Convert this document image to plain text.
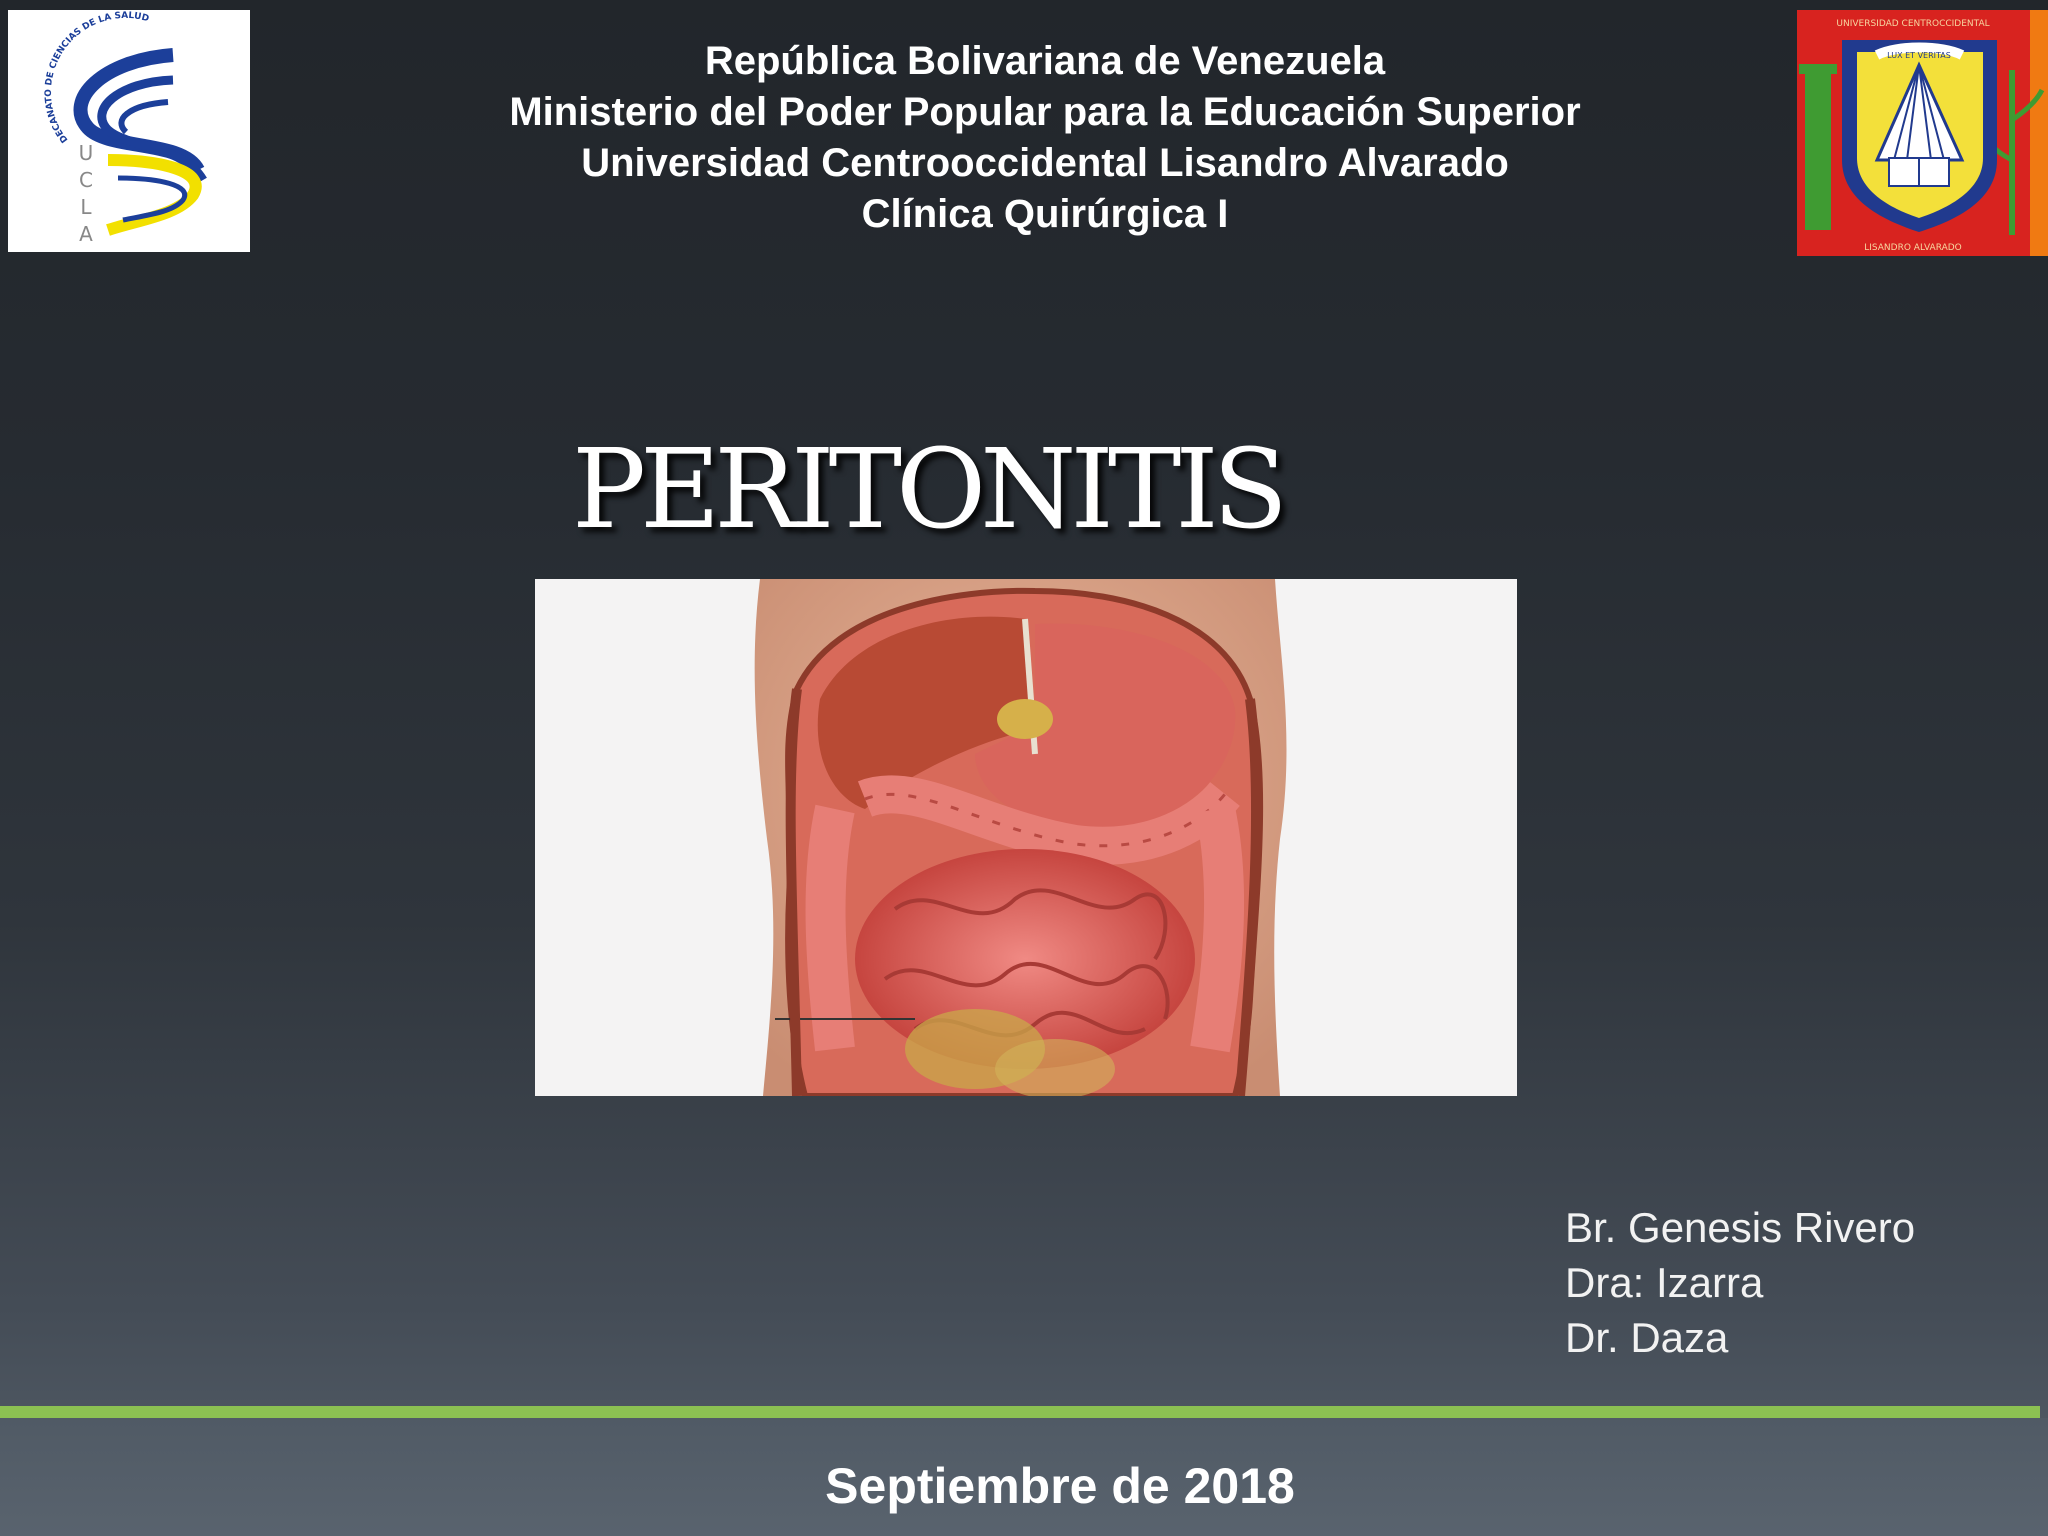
DECANATO DE CIENCIAS DE LA SALUD
U
C
L
A
UNIVERSIDAD CENTROCCIDENTAL
LUX ET VERITAS
LISANDRO ALVARADO
República Bolivariana de Venezuela
Ministerio del Poder Popular para la Educación Superior
Universidad Centrooccidental Lisandro Alvarado
Clínica Quirúrgica I
PERITONITIS
Br. Genesis Rivero
Dra: Izarra
Dr. Daza
Septiembre de 2018
